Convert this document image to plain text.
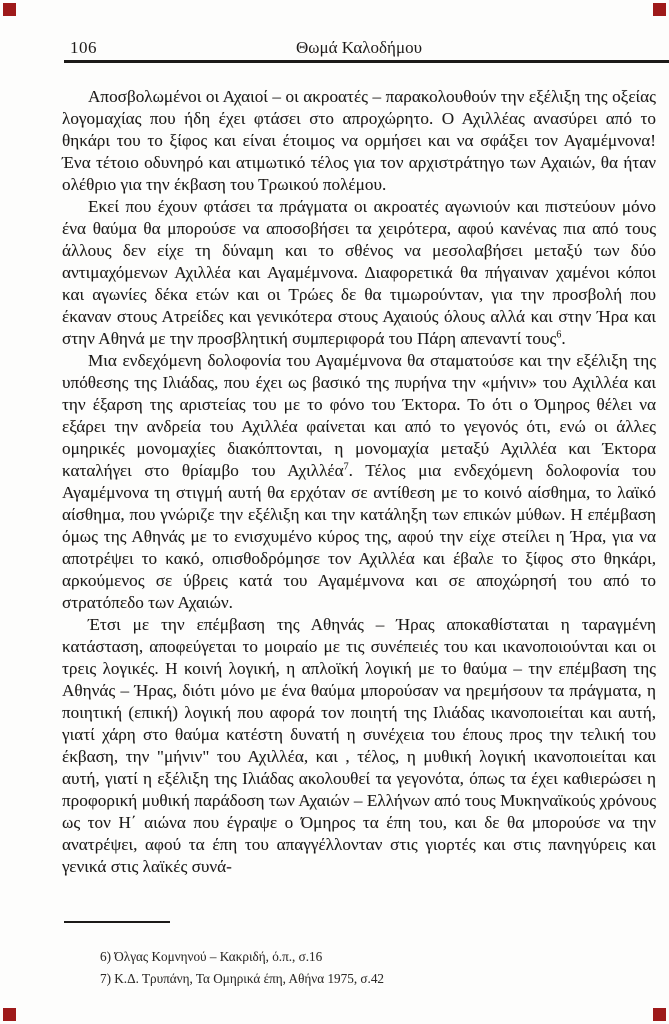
106	Θωμά Καλοδήμου

Αποσβολωμένοι οι Αχαιοί – οι ακροατές – παρακολουθούν την εξέλιξη της οξείας λογομαχίας που ήδη έχει φτάσει στο απροχώρητο. Ο Αχιλλέας ανασύρει από το θηκάρι του το ξίφος και είναι έτοιμος να ορμήσει και να σφάξει τον Αγαμέμνονα! Ένα τέτοιο οδυνηρό και ατιμωτικό τέλος για τον αρχιστράτηγο των Αχαιών, θα ήταν ολέθριο για την έκβαση του Τρωικού πολέμου.

Εκεί που έχουν φτάσει τα πράγματα οι ακροατές αγωνιούν και πιστεύουν μόνο ένα θαύμα θα μπορούσε να αποσοβήσει τα χειρότερα, αφού κανένας πια από τους άλλους δεν είχε τη δύναμη και το σθένος να μεσολαβήσει μεταξύ των δύο αντιμαχόμενων Αχιλλέα και Αγαμέμνονα. Διαφορετικά θα πήγαιναν χαμένοι κόποι και αγωνίες δέκα ετών και οι Τρώες δε θα τιμωρούνταν, για την προσβολή που έκαναν στους Ατρείδες και γενικότερα στους Αχαιούς όλους αλλά και στην Ήρα και στην Αθηνά με την προσβλητική συμπεριφορά του Πάρη απεναντί τους$^6$.

Μια ενδεχόμενη δολοφονία του Αγαμέμνονα θα σταματούσε και την εξέλιξη της υπόθεσης της Ιλιάδας, που έχει ως βασικό της πυρήνα την «μήνιν» του Αχιλλέα και την έξαρση της αριστείας του με το φόνο του Έκτορα. Το ότι ο Όμηρος θέλει να εξάρει την ανδρεία του Αχιλλέα φαίνεται και από το γεγονός ότι, ενώ οι άλλες ομηρικές μονομαχίες διακόπτονται, η μονομαχία μεταξύ Αχιλλέα και Έκτορα καταλήγει στο θρίαμβο του Αχιλλέα$^7$. Τέλος μια ενδεχόμενη δολοφονία του Αγαμέμνονα τη στιγμή αυτή θα ερχόταν σε αντίθεση με το κοινό αίσθημα, το λαϊκό αίσθημα, που γνώριζε την εξέλιξη και την κατάληξη των επικών μύθων. Η επέμβαση όμως της Αθηνάς με το ενισχυμένο κύρος της, αφού την είχε στείλει η Ήρα, για να αποτρέψει το κακό, οπισθοδρόμησε τον Αχιλλέα και έβαλε το ξίφος στο θηκάρι, αρκούμενος σε ύβρεις κατά του Αγαμέμνονα και σε αποχώρησή του από το στρατόπεδο των Αχαιών.

Έτσι με την επέμβαση της Αθηνάς – Ήρας αποκαθίσταται η ταραγμένη κατάσταση, αποφεύγεται το μοιραίο με τις συνέπειές του και ικανοποιούνται και οι τρεις λογικές. Η κοινή λογική, η απλοϊκή λογική με το θαύμα – την επέμβαση της Αθηνάς – Ήρας, διότι μόνο με ένα θαύμα μπορούσαν να ηρεμήσουν τα πράγματα, η ποιητική (επική) λογική που αφορά τον ποιητή της Ιλιάδας ικανοποιείται και αυτή, γιατί χάρη στο θαύμα κατέστη δυνατή η συνέχεια του έπους προς την τελική του έκβαση, την "μήνιν" του Αχιλλέα, και , τέλος, η μυθική λογική ικανοποιείται και αυτή, γιατί η εξέλιξη της Ιλιάδας ακολουθεί τα γεγονότα, όπως τα έχει καθιερώσει η προφορική μυθική παράδοση των Αχαιών – Ελλήνων από τους Μυκηναϊκούς χρόνους ως τον Η΄ αιώνα που έγραψε ο Όμηρος τα έπη του, και δε θα μπορούσε να την ανατρέψει, αφού τα έπη του απαγγέλλονταν στις γιορτές και στις πανηγύρεις και γενικά στις λαϊκές συνά-

6) Όλγας Κομνηνού – Κακριδή, ό.π., σ.16
7) Κ.Δ. Τρυπάνη, Τα Ομηρικά έπη, Αθήνα 1975, σ.42
